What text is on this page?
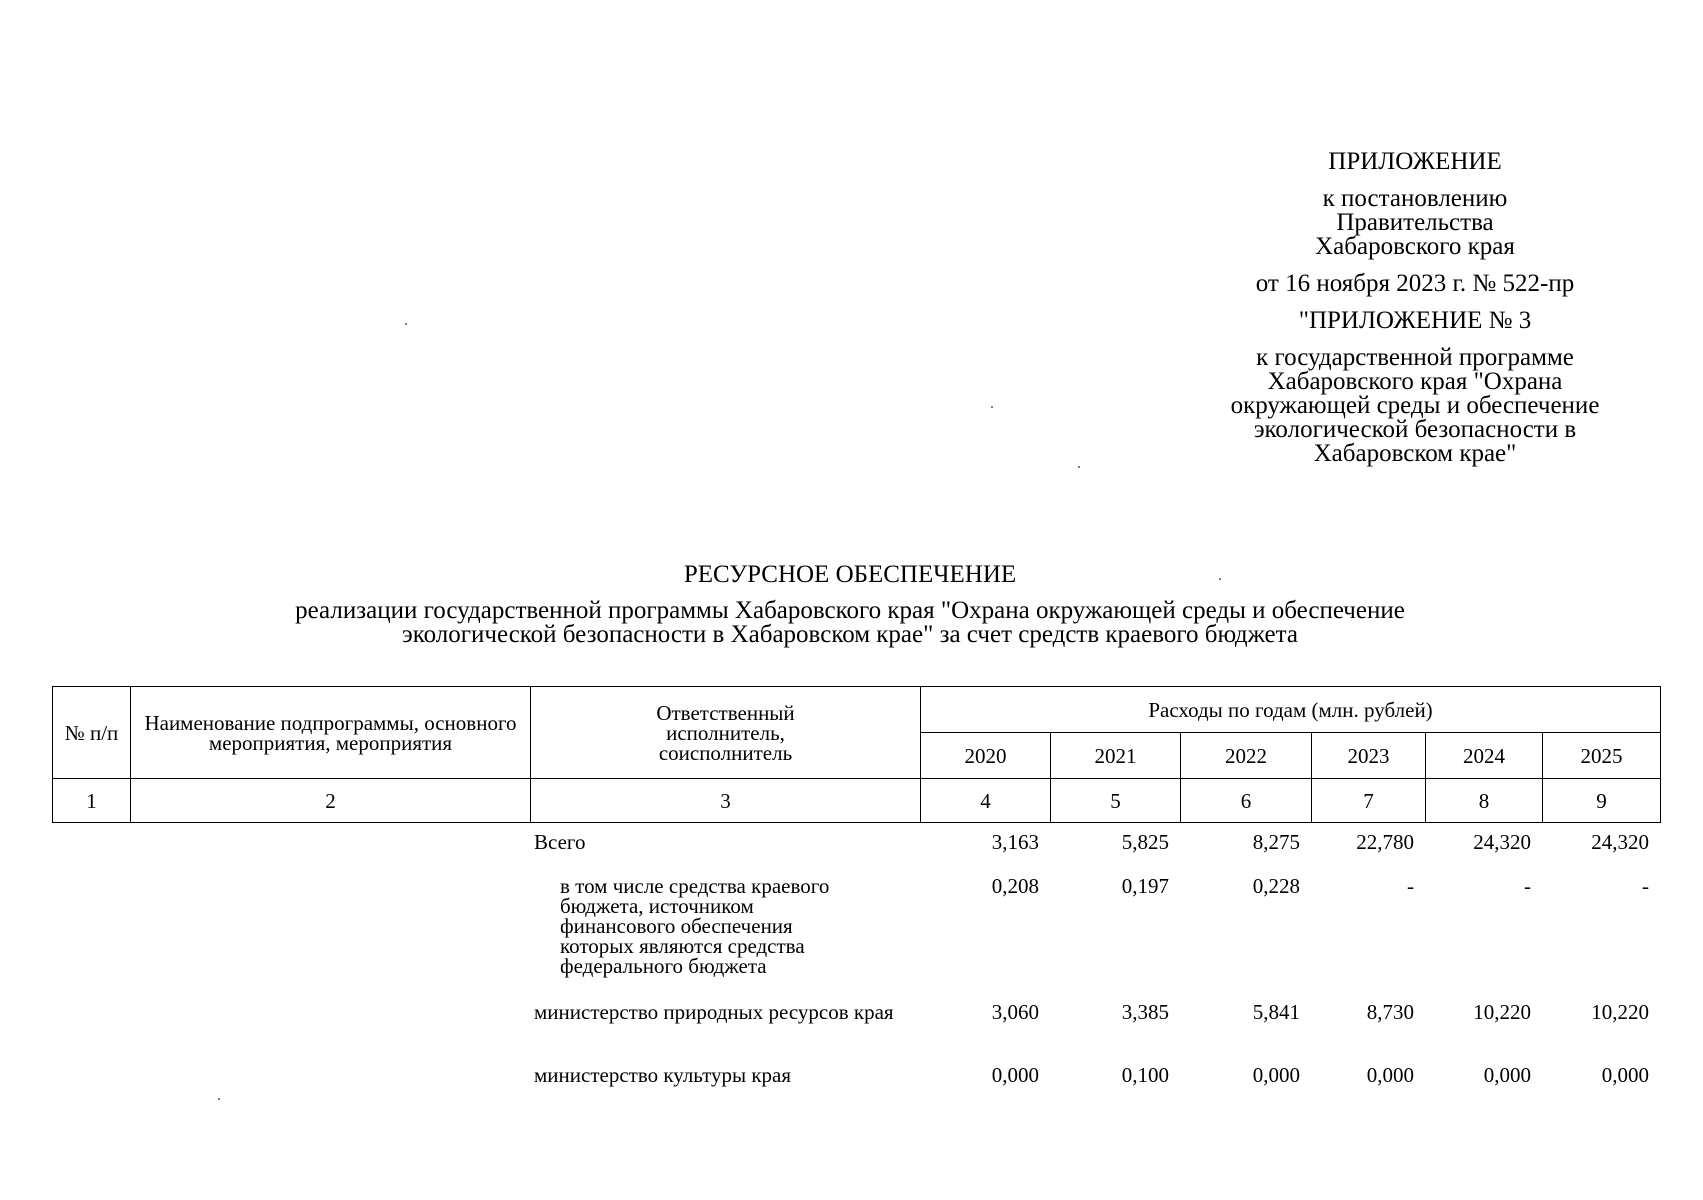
ПРИЛОЖЕНИЕ
к постановлению
Правительства
Хабаровского края
от 16 ноября 2023 г. № 522-пр
"ПРИЛОЖЕНИЕ № 3
к государственной программе
Хабаровского края "Охрана
окружающей среды и обеспечение
экологической безопасности в
Хабаровском крае"
РЕСУРСНОЕ ОБЕСПЕЧЕНИЕ
реализации государственной программы Хабаровского края "Охрана окружающей среды и обеспечение
экологической безопасности в Хабаровском крае" за счет средств краевого бюджета
№ п/п	Наименование подпрограммы, основного мероприятия, мероприятия	Ответственный исполнитель, соисполнитель	Расходы по годам (млн. рублей)					
			2020	2021	2022	2023	2024	2025
1	2	3	4	5	6	7	8	9
		Всего	3,163	5,825	8,275	22,780	24,320	24,320
		в том числе средства краевого бюджета, источником финансового обеспечения которых являются средства федерального бюджета	0,208	0,197	0,228	-	-	-
		министерство природных ресурсов края	3,060	3,385	5,841	8,730	10,220	10,220
		министерство культуры края	0,000	0,100	0,000	0,000	0,000	0,000
